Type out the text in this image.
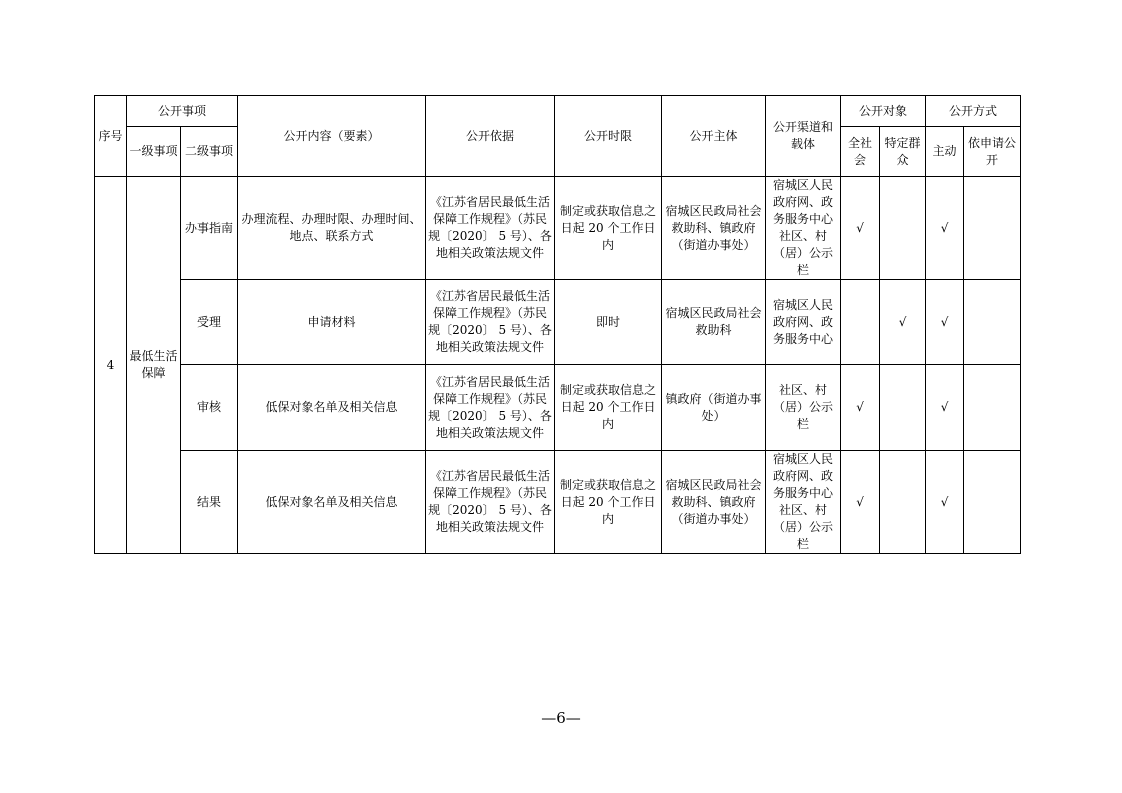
序号	公开事项		公开内容（要素）	公开依据	公开时限	公开主体	公开渠道和载体	公开对象		公开方式	
	一级事项	二级事项						全社会	特定群众	主动	依申请公开
4	最低生活保障	办事指南	办理流程、办理时限、办理时间、地点、联系方式	《江苏省居民最低生活保障工作规程》（苏民规〔2020〕 5 号）、各地相关政策法规文件	制定或获取信息之日起 20 个工作日内	宿城区民政局社会救助科、镇政府（街道办事处）	宿城区人民政府网、政务服务中心社区、村（居）公示栏	√		√	
		受理	申请材料	《江苏省居民最低生活保障工作规程》（苏民规〔2020〕 5 号）、各地相关政策法规文件	即时	宿城区民政局社会救助科	宿城区人民政府网、政务服务中心		√	√	
		审核	低保对象名单及相关信息	《江苏省居民最低生活保障工作规程》（苏民规〔2020〕 5 号）、各地相关政策法规文件	制定或获取信息之日起 20 个工作日内	镇政府（街道办事处）	社区、村（居）公示栏	√		√	
		结果	低保对象名单及相关信息	《江苏省居民最低生活保障工作规程》（苏民规〔2020〕 5 号）、各地相关政策法规文件	制定或获取信息之日起 20 个工作日内	宿城区民政局社会救助科、镇政府（街道办事处）	宿城区人民政府网、政务服务中心社区、村（居）公示栏	√		√	
—6—
